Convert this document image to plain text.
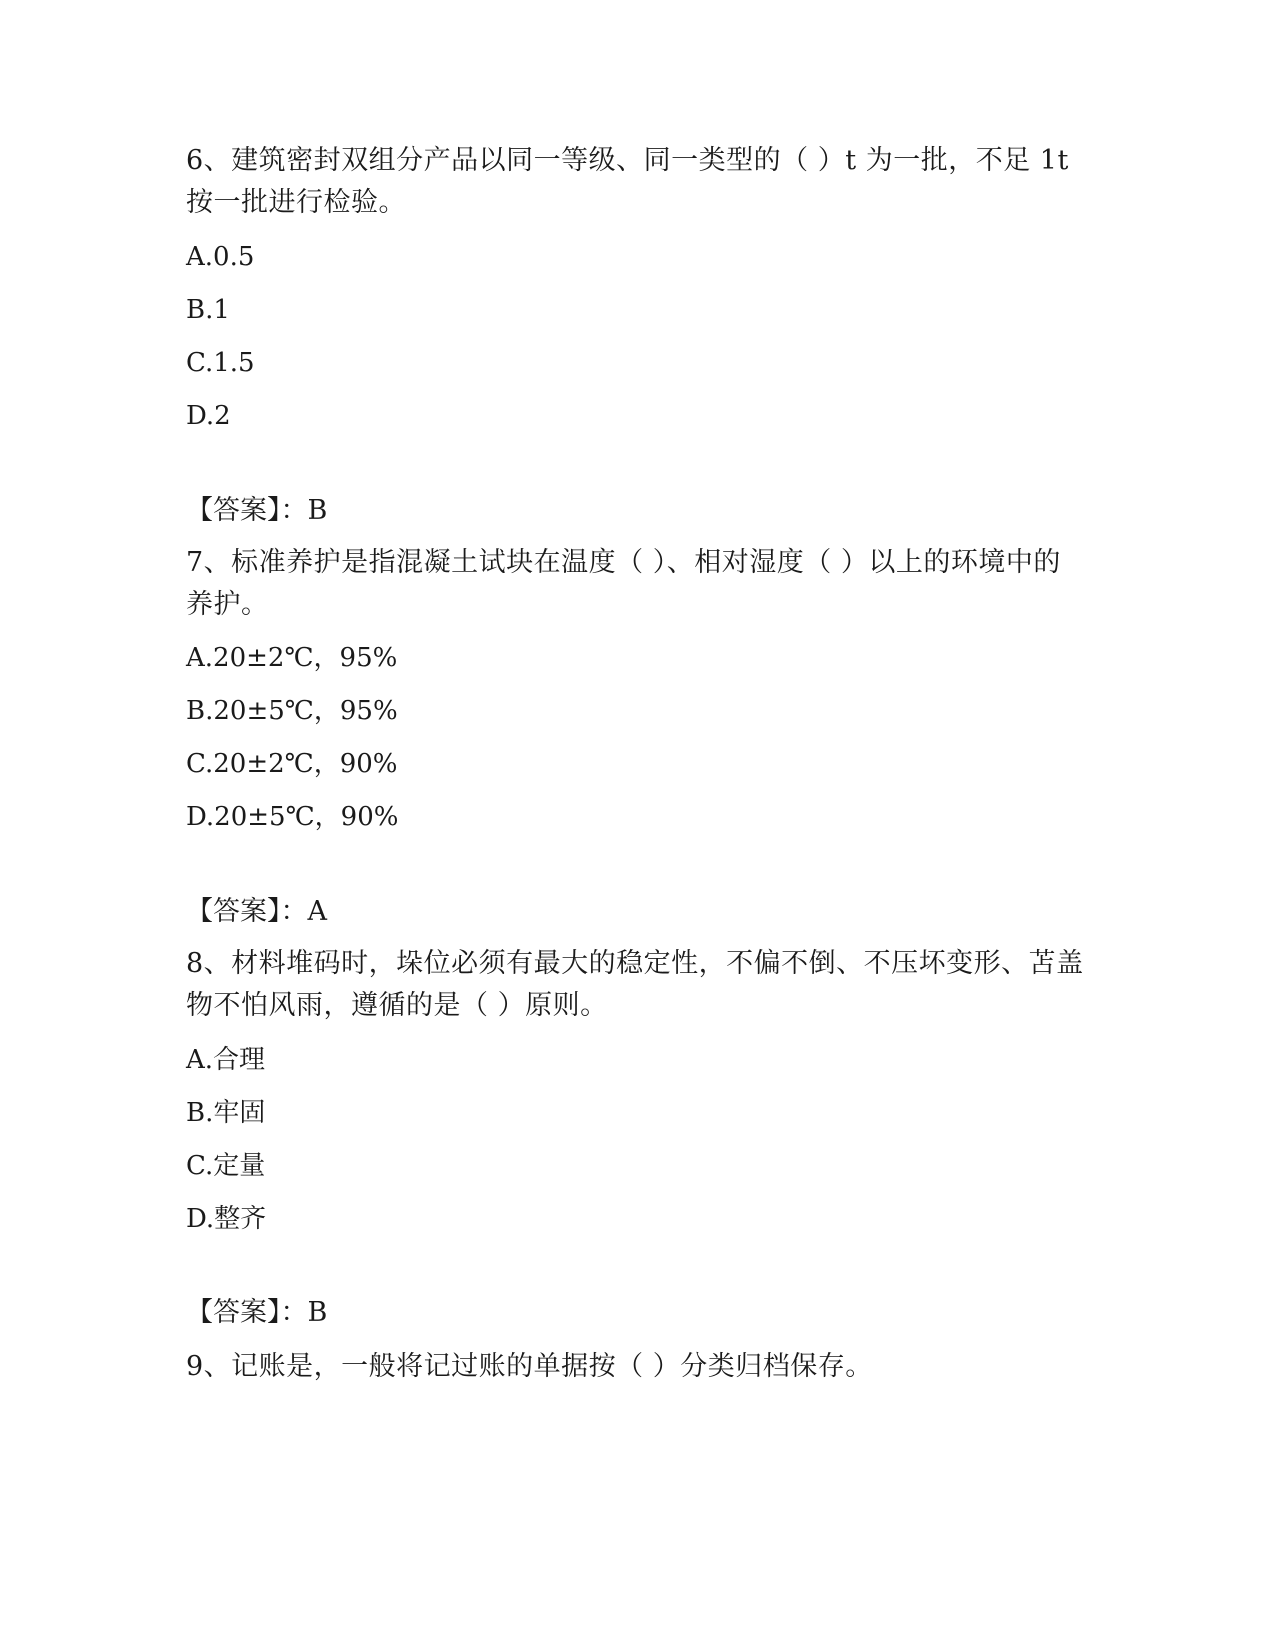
6、建筑密封双组分产品以同一等级、同一类型的（ ）t 为一批，不足 1t 按一批进行检验。

A.0.5

B.1

C.1.5

D.2

【答案】：B

7、标准养护是指混凝土试块在温度（ ）、相对湿度（ ）以上的环境中的养护。

A.20±2℃，95%

B.20±5℃，95%

C.20±2℃，90%

D.20±5℃，90%

【答案】：A

8、材料堆码时，垛位必须有最大的稳定性，不偏不倒、不压坏变形、苫盖物不怕风雨，遵循的是（ ）原则。

A.合理

B.牢固

C.定量

D.整齐

【答案】：B

9、记账是，一般将记过账的单据按（ ）分类归档保存。
